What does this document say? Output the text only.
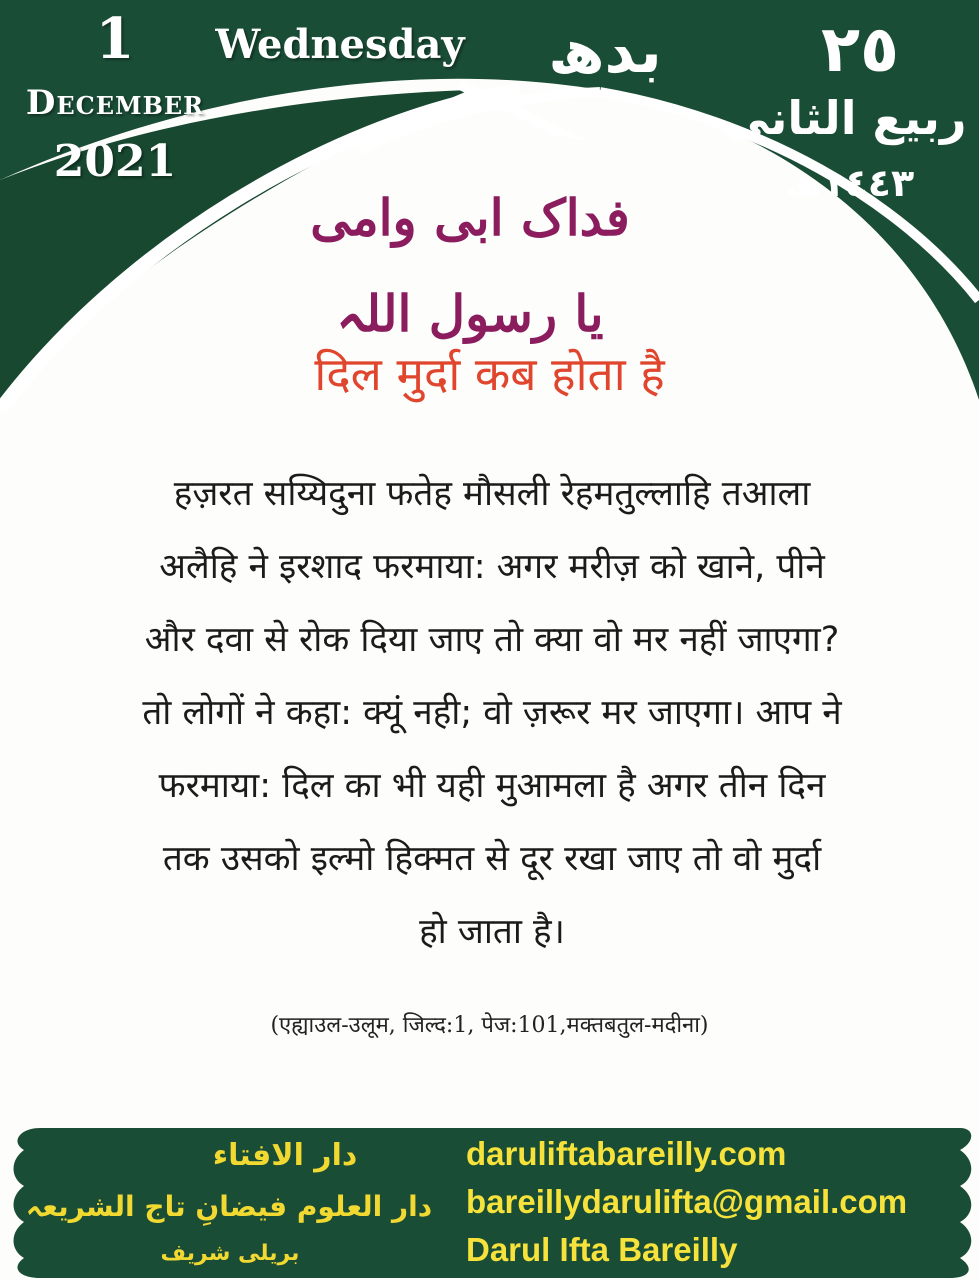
1
December
2021
Wednesday بدھ	٢٥
ربیع الثانی
١٤٤٣ھ
فداک ابی وامی یا رسول اللہ
दिल मुर्दा कब होता है
हज़रत सय्यिदुना फतेह मौसली रेहमतुल्लाहि तआला
अलैहि ने इरशाद फरमाया: अगर मरीज़ को खाने, पीने
और दवा से रोक दिया जाए तो क्या वो मर नहीं जाएगा?
तो लोगों ने कहा: क्यूं नही; वो ज़रूर मर जाएगा। आप ने
फरमाया: दिल का भी यही मुआमला है अगर तीन दिन
तक उसको इल्मो हिक्मत से दूर रखा जाए तो वो मुर्दा
हो जाता है।
(एह्याउल-उलूम, जिल्द:1, पेज:101,मक्तबतुल-मदीना)
دار الافتاء
دار العلوم فیضانِ تاج الشریعہ
بریلی شریف
daruliftabareilly.com
bareillydarulifta@gmail.com
Darul Ifta Bareilly
